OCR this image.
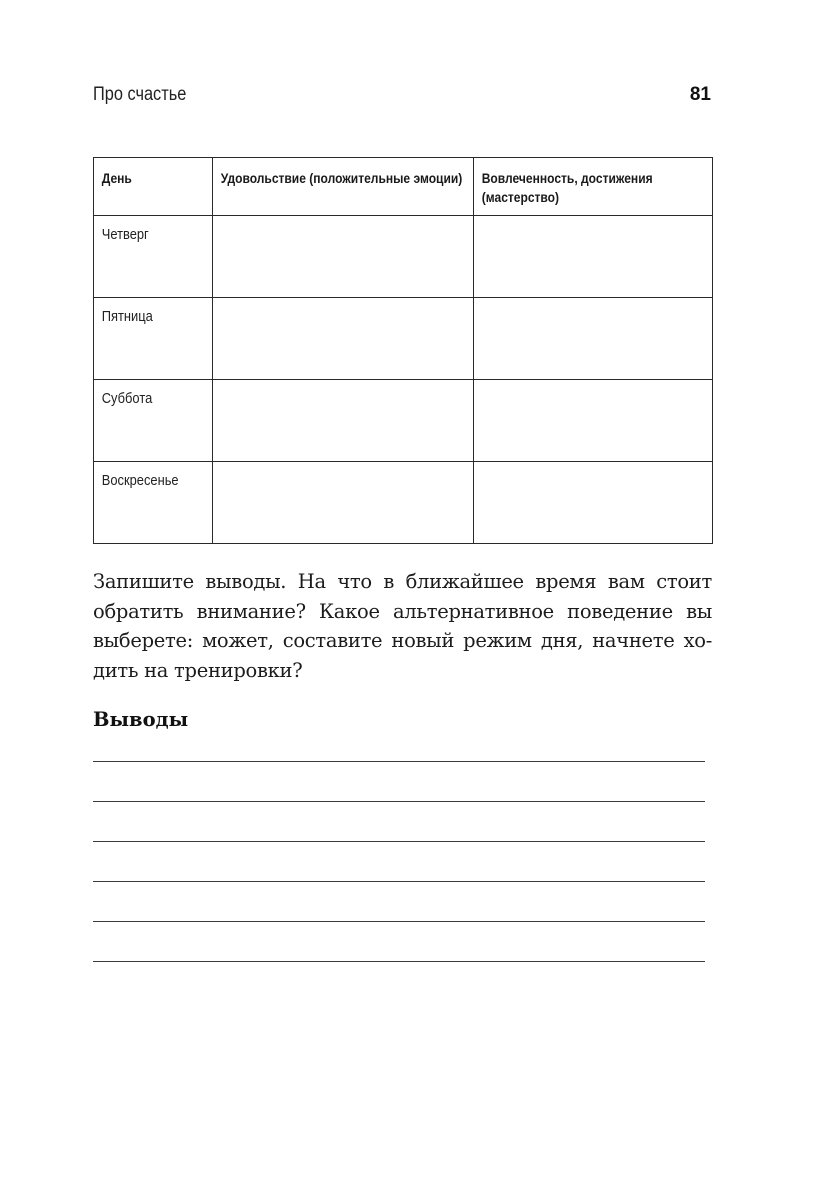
Про счастье	81
День	Удовольствие (положительные эмоции)	Вовлеченность, достижения (мастерство)

Четверг		

Пятница		

Суббота		

Воскресенье		

Запишите выводы. На что в ближайшее время вам стоит
обратить внимание? Какое альтернативное поведение вы
выберете: может, составите новый режим дня, начнете хо-
дить на тренировки?

Выводы
